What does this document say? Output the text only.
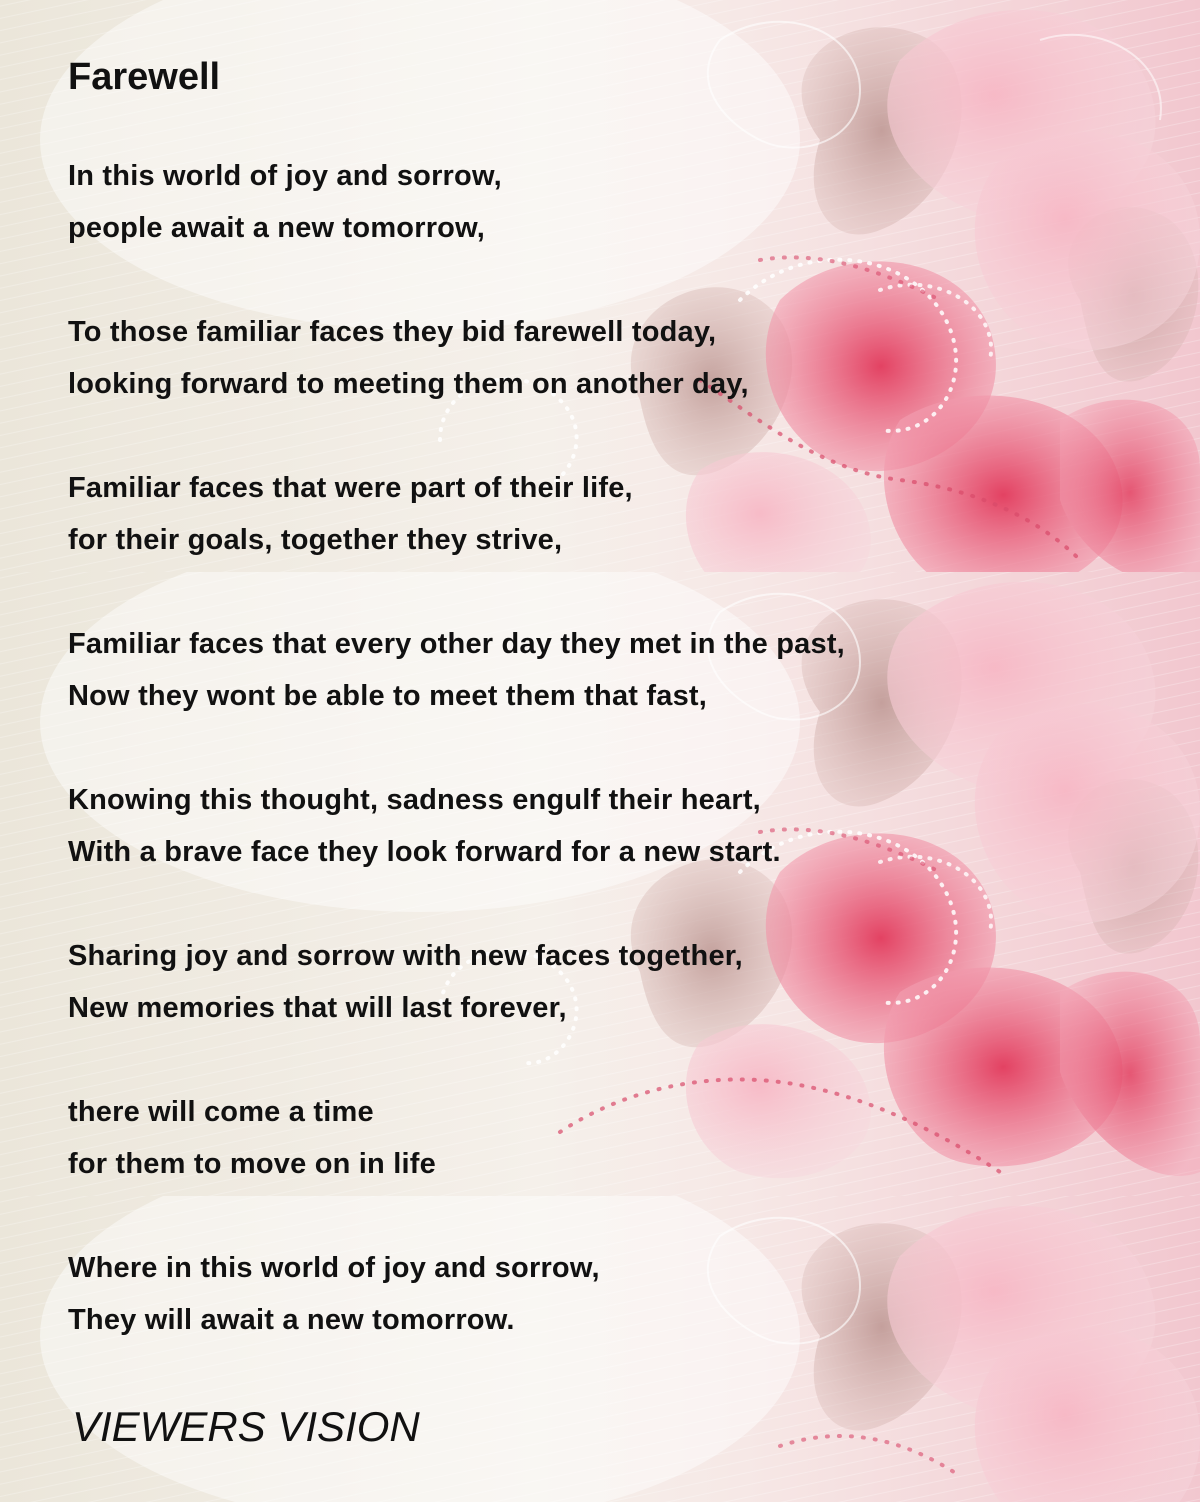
Farewell
In this world of joy and sorrow,
people await a new tomorrow,
To those familiar faces they bid farewell today,
looking forward to meeting them on another day,
Familiar faces that were part of their life,
for their goals, together they strive,
Familiar faces that every other day they met in the past,
Now they wont be able to meet them that fast,
Knowing this thought, sadness engulf their heart,
With a brave face they look forward for a new start.
Sharing joy and sorrow with new faces together,
New memories that will last forever,
there will come a time
for them to move on in life
Where in this world of joy and sorrow,
They will await a new tomorrow.

VIEWERS VISION
